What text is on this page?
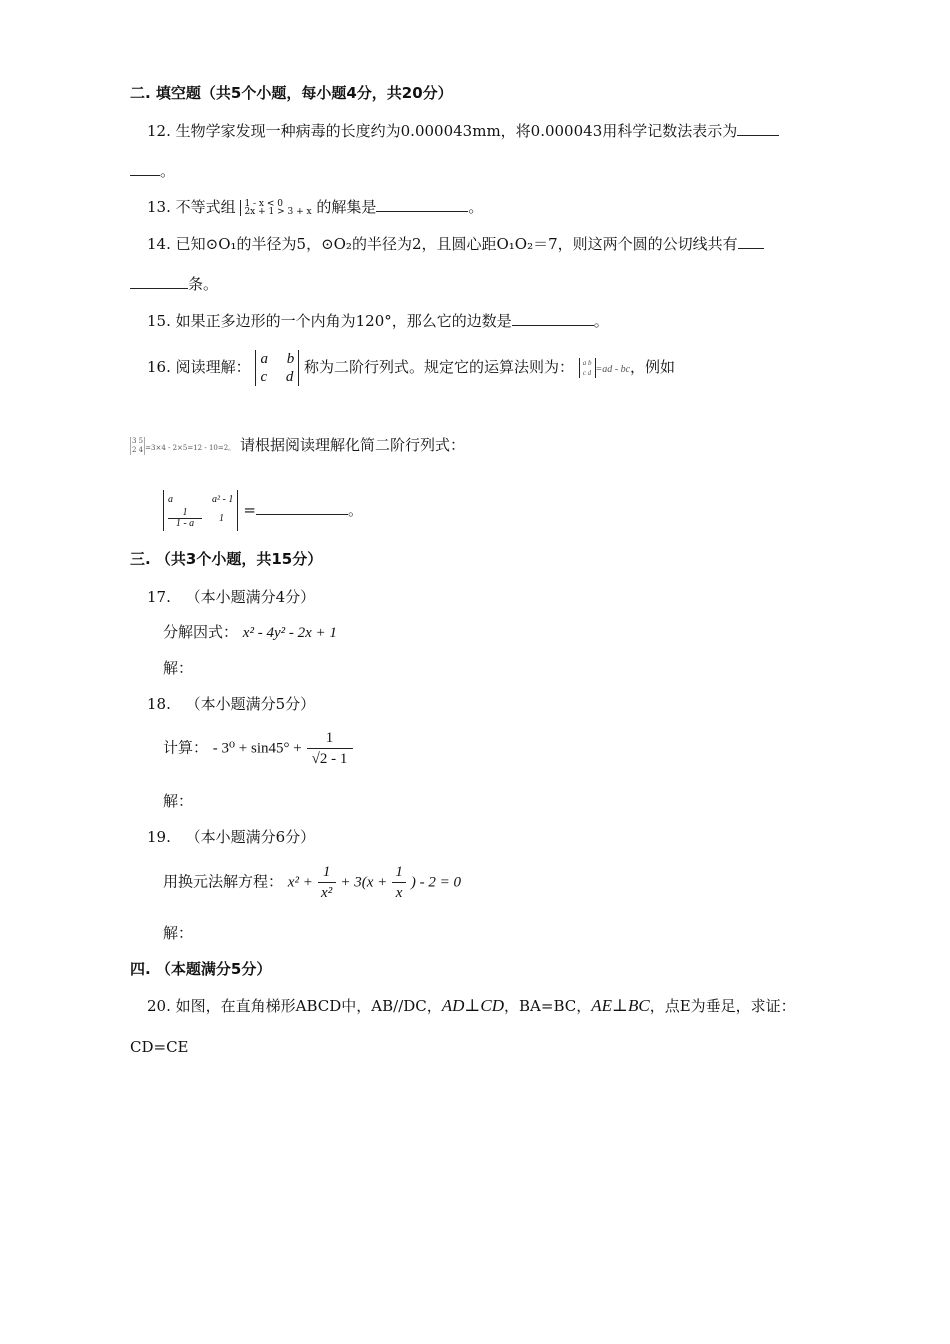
二. 填空题（共5个小题，每小题4分，共20分）
12. 生物学家发现一种病毒的长度约为0.000043mm，将0.000043用科学记数法表示为
。
13. 不等式组 1 - x < 0
2x + 1 > 3 + x 的解集是	。
14. 已知⊙O₁的半径为5，⊙O₂的半径为2，且圆心距O₁O₂＝7，则这两个圆的公切线共有
条。
15. 如果正多边形的一个内角为120°，那么它的边数是	。
16. 阅读理解： a b
c d
称为二阶行列式。规定它的运算法则为： a b
c d =ad - bc，例如
3 5
2 4 =3×4 - 2×5=12 - 10=2。 请根据阅读理解化简二阶行列式：
a	a² - 1
$\frac{1}{1 - a} 1$	=	。
三. （共3个小题，共15分）
17. （本小题满分4分）
分解因式： x² - 4y² - 2x + 1
解：
18. （本小题满分5分）
计算： - $3^0 + \sin 45^\circ + \frac{1}{√2 - 1}$
解：
19. （本小题满分6分）
用换元法解方程： $x^2 + \frac{1}{\text{x²}} + 3(x + \frac{1}{x}$ ) - 2 = 0
解：
四. （本题满分5分）
20. 如图，在直角梯形ABCD中，AB//DC，AD⊥CD，BA=BC，AE⊥BC，点E为垂足，求证：
CD=CE
